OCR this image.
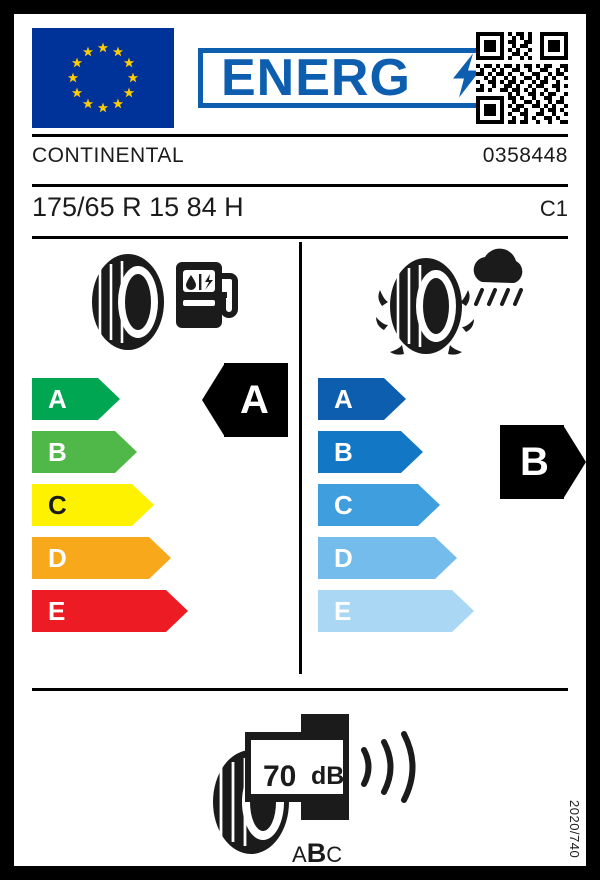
ENERG
CONTINENTAL	0358448
175/65 R 15 84 H	C1
A
B
C
D
E
A	A
B
C
D
E
B
70 dB
ABC	2020/740
